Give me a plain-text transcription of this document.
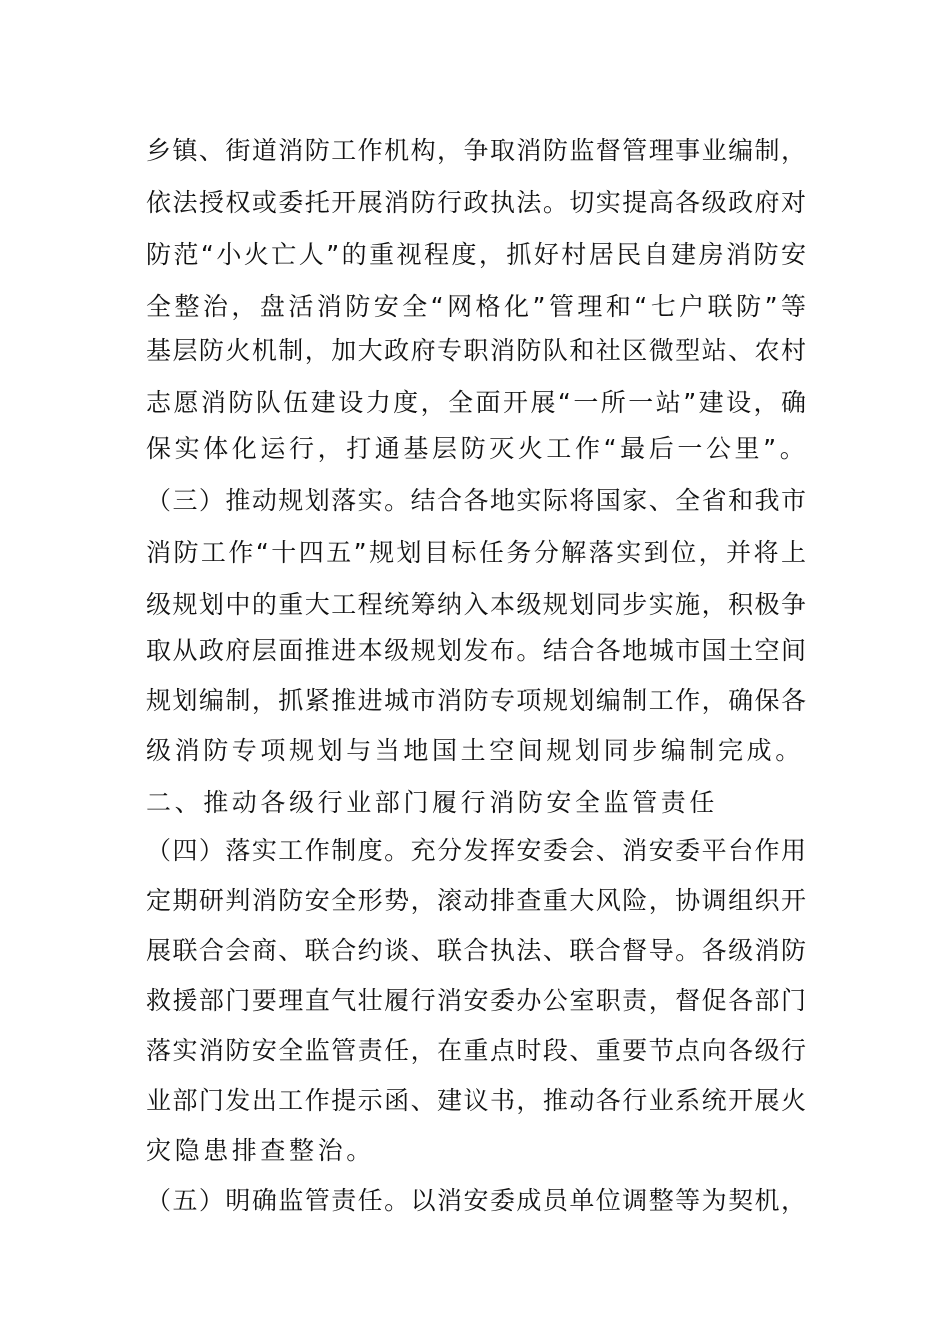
乡镇、街道消防工作机构，争取消防监督管理事业编制，
依法授权或委托开展消防行政执法。切实提高各级政府对
防范“小火亡人”的重视程度，抓好村居民自建房消防安
全整治，盘活消防安全“网格化”管理和“七户联防”等
基层防火机制，加大政府专职消防队和社区微型站、农村
志愿消防队伍建设力度，全面开展“一所一站”建设，确
保实体化运行，打通基层防灭火工作“最后一公里”。
（三）推动规划落实。结合各地实际将国家、全省和我市
消防工作“十四五”规划目标任务分解落实到位，并将上
级规划中的重大工程统筹纳入本级规划同步实施，积极争
取从政府层面推进本级规划发布。结合各地城市国土空间
规划编制，抓紧推进城市消防专项规划编制工作，确保各
级消防专项规划与当地国土空间规划同步编制完成。
二、推动各级行业部门履行消防安全监管责任
（四）落实工作制度。充分发挥安委会、消安委平台作用
定期研判消防安全形势，滚动排查重大风险，协调组织开
展联合会商、联合约谈、联合执法、联合督导。各级消防
救援部门要理直气壮履行消安委办公室职责，督促各部门
落实消防安全监管责任，在重点时段、重要节点向各级行
业部门发出工作提示函、建议书，推动各行业系统开展火
灾隐患排查整治。
（五）明确监管责任。以消安委成员单位调整等为契机，
